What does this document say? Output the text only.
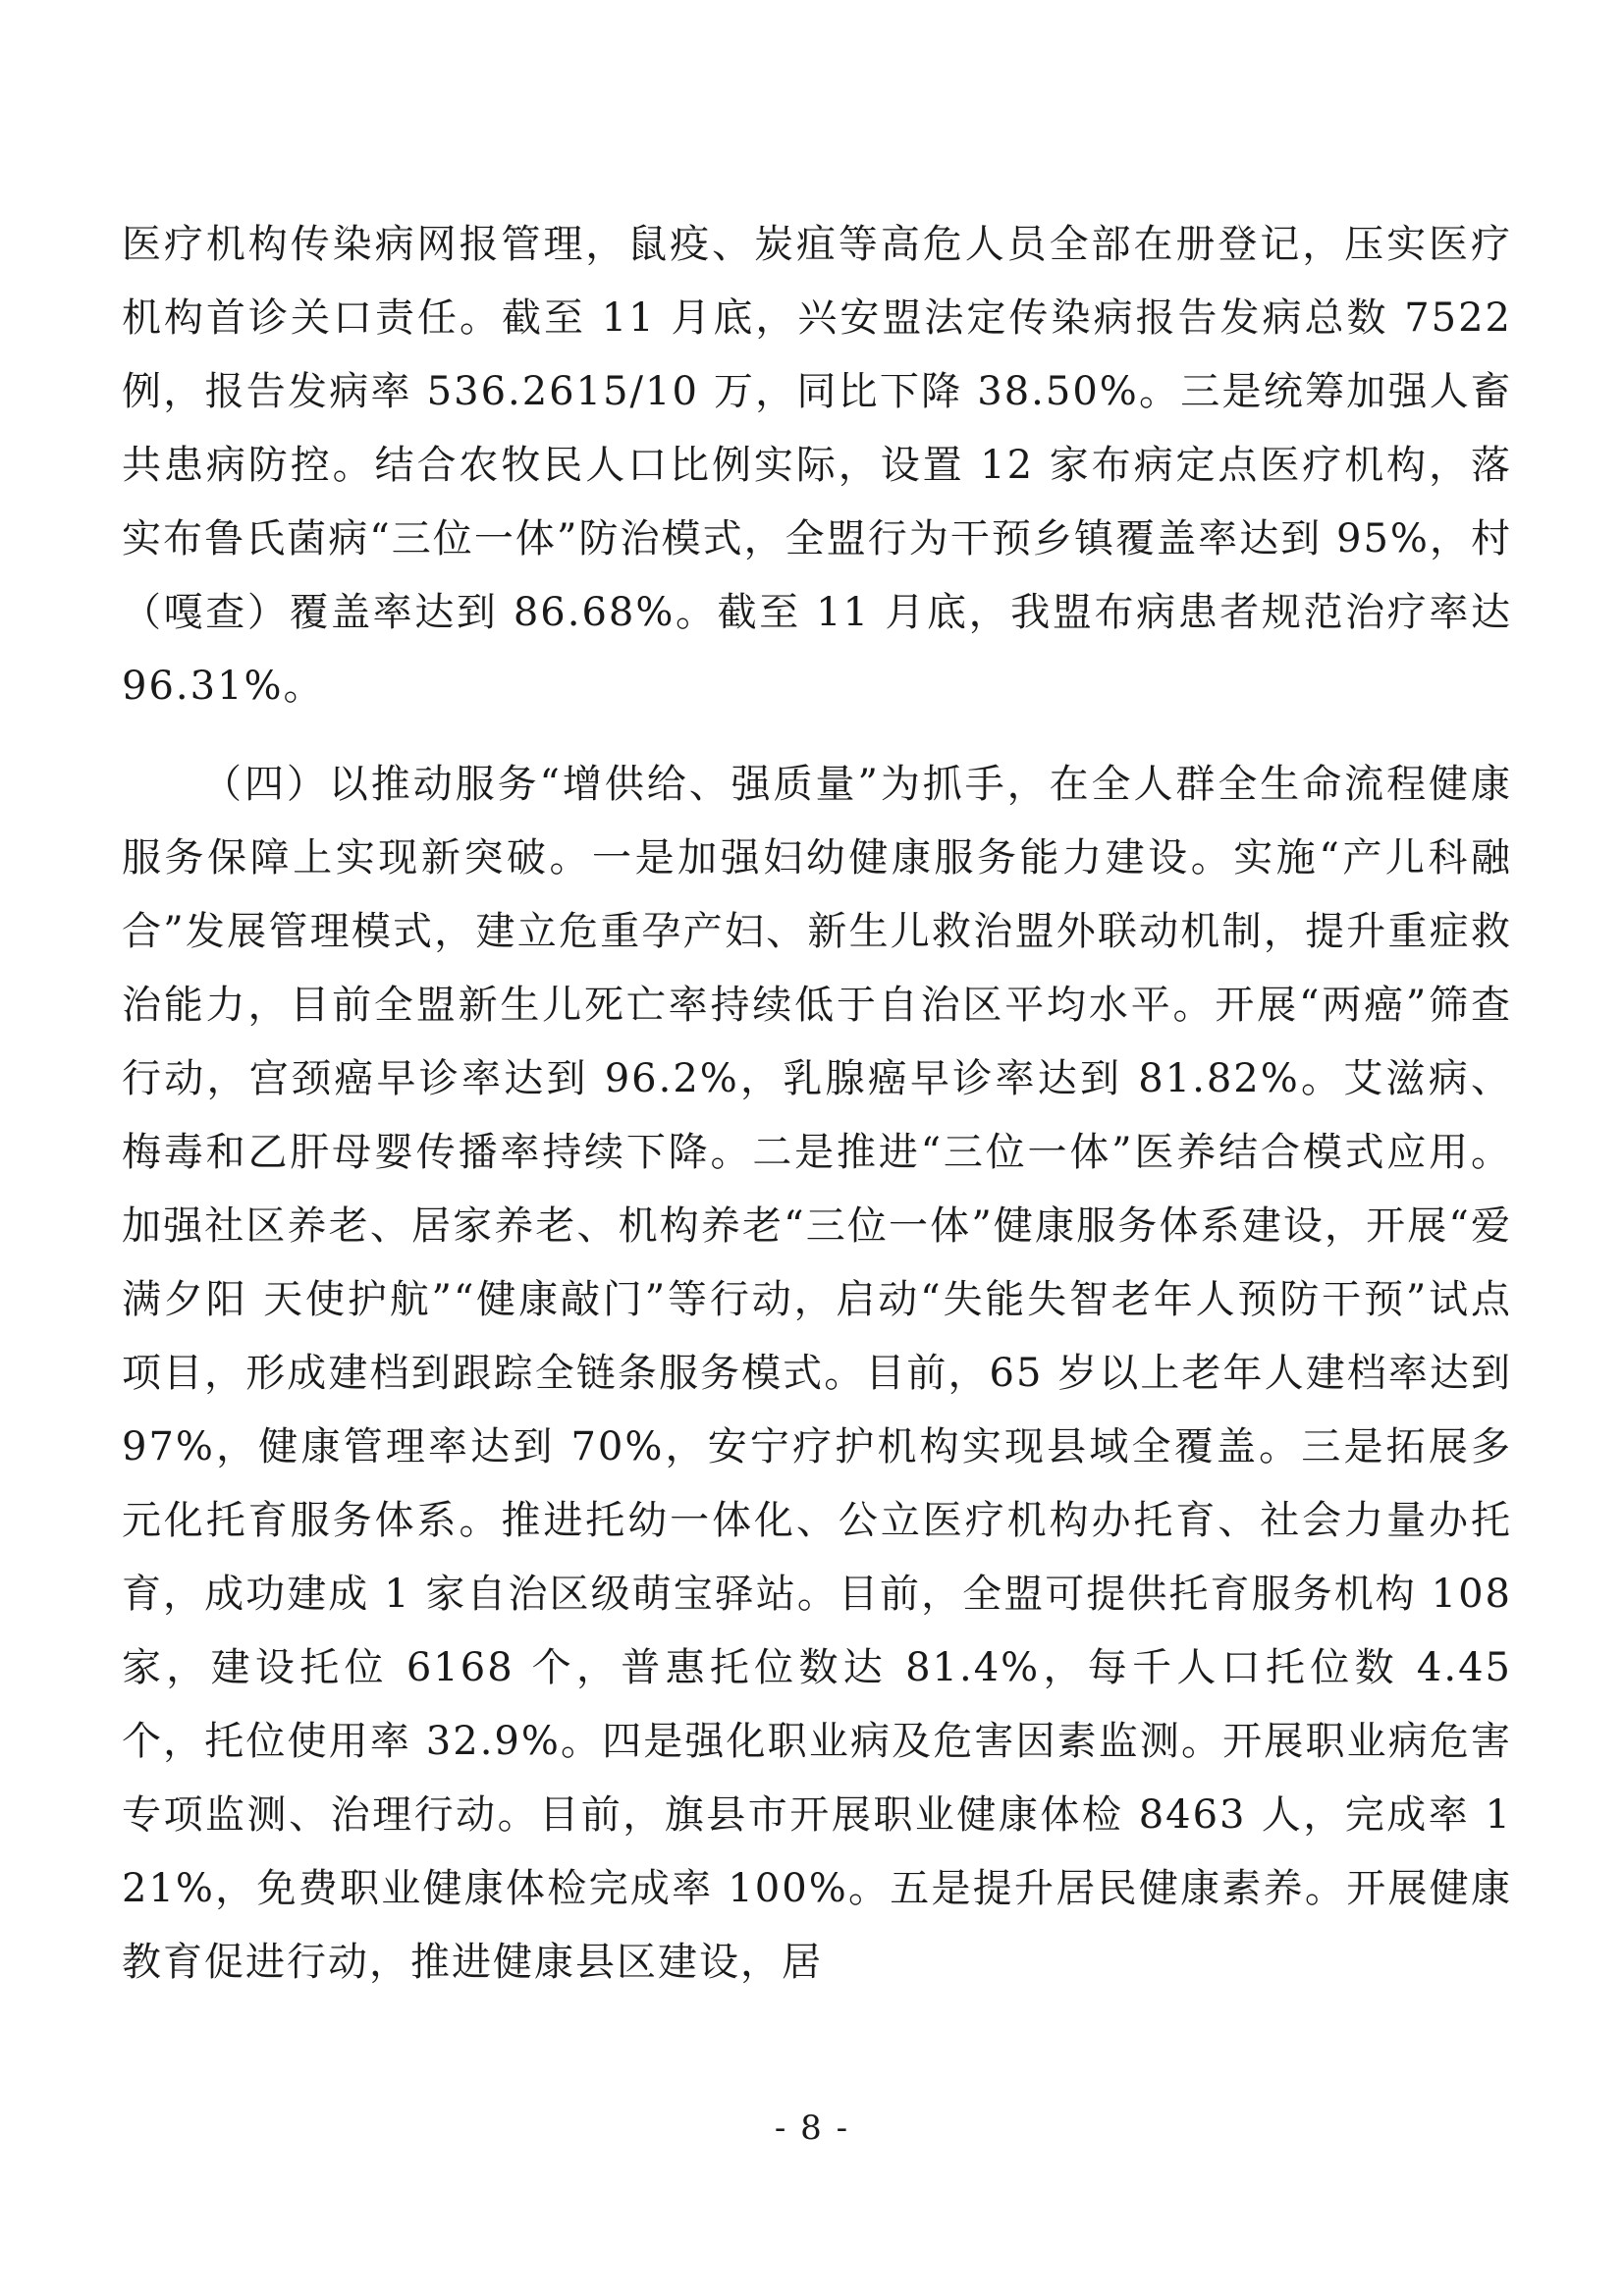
医疗机构传染病网报管理，鼠疫、炭疽等高危人员全部在册登记，压实医疗机构首诊关口责任。截至 11 月底，兴安盟法定传染病报告发病总数 7522 例，报告发病率 536.2615/10 万，同比下降 38.50%。三是统筹加强人畜共患病防控。结合农牧民人口比例实际，设置 12 家布病定点医疗机构，落实布鲁氏菌病“三位一体”防治模式，全盟行为干预乡镇覆盖率达到 95%，村（嘎查）覆盖率达到 86.68%。截至 11 月底，我盟布病患者规范治疗率达 96.31%。

（四）以推动服务“增供给、强质量”为抓手，在全人群全生命流程健康服务保障上实现新突破。一是加强妇幼健康服务能力建设。实施“产儿科融合”发展管理模式，建立危重孕产妇、新生儿救治盟外联动机制，提升重症救治能力，目前全盟新生儿死亡率持续低于自治区平均水平。开展“两癌”筛查行动，宫颈癌早诊率达到 96.2%，乳腺癌早诊率达到 81.82%。艾滋病、梅毒和乙肝母婴传播率持续下降。二是推进“三位一体”医养结合模式应用。加强社区养老、居家养老、机构养老“三位一体”健康服务体系建设，开展“爱满夕阳 天使护航”“健康敲门”等行动，启动“失能失智老年人预防干预”试点项目，形成建档到跟踪全链条服务模式。目前，65 岁以上老年人建档率达到 97%，健康管理率达到 70%，安宁疗护机构实现县域全覆盖。三是拓展多元化托育服务体系。推进托幼一体化、公立医疗机构办托育、社会力量办托育，成功建成 1 家自治区级萌宝驿站。目前，全盟可提供托育服务机构 108 家，建设托位 6168 个，普惠托位数达 81.4%，每千人口托位数 4.45 个，托位使用率 32.9%。四是强化职业病及危害因素监测。开展职业病危害专项监测、治理行动。目前，旗县市开展职业健康体检 8463 人，完成率 121%，免费职业健康体检完成率 100%。五是提升居民健康素养。开展健康教育促进行动，推进健康县区建设，居

- 8 -
